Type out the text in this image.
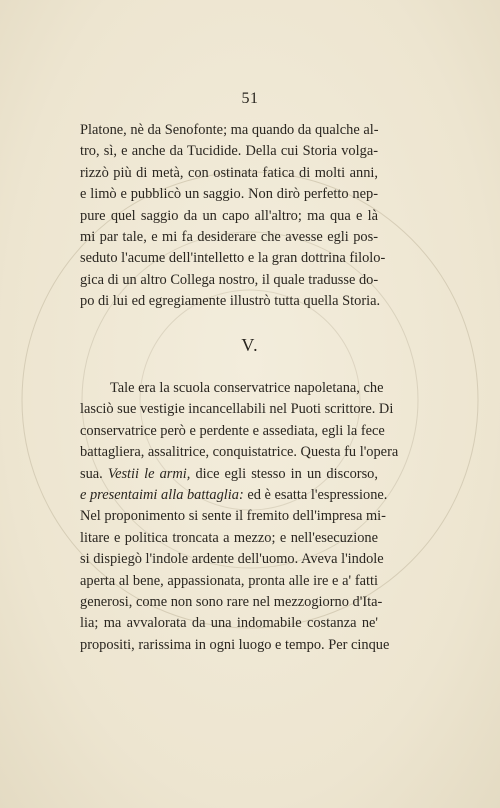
51
Platone, nè da Senofonte; ma quando da qualche al-
tro, sì, e anche da Tucidide. Della cui Storia volga-
rizzò più di metà, con ostinata fatica di molti anni,
e limò e pubblicò un saggio. Non dirò perfetto nep-
pure quel saggio da un capo all'altro; ma qua e là
mi par tale, e mi fa desiderare che avesse egli pos-
seduto l'acume dell'intelletto e la gran dottrina filolo-
gica di un altro Collega nostro, il quale tradusse do-
po di lui ed egregiamente illustrò tutta quella Storia.
V.
Tale era la scuola conservatrice napoletana, che
lasciò sue vestigie incancellabili nel Puoti scrittore. Di
conservatrice però e perdente e assediata, egli la fece
battagliera, assalitrice, conquistatrice. Questa fu l'opera
sua. Vestii le armi, dice egli stesso in un discorso,
e presentaimi alla battaglia: ed è esatta l'espressione.
Nel proponimento si sente il fremito dell'impresa mi-
litare e politica troncata a mezzo; e nell'esecuzione
si dispiegò l'indole ardente dell'uomo. Aveva l'indole
aperta al bene, appassionata, pronta alle ire e a' fatti
generosi, come non sono rare nel mezzogiorno d'Ita-
lia; ma avvalorata da una indomabile costanza ne'
propositi, rarissima in ogni luogo e tempo. Per cinque
